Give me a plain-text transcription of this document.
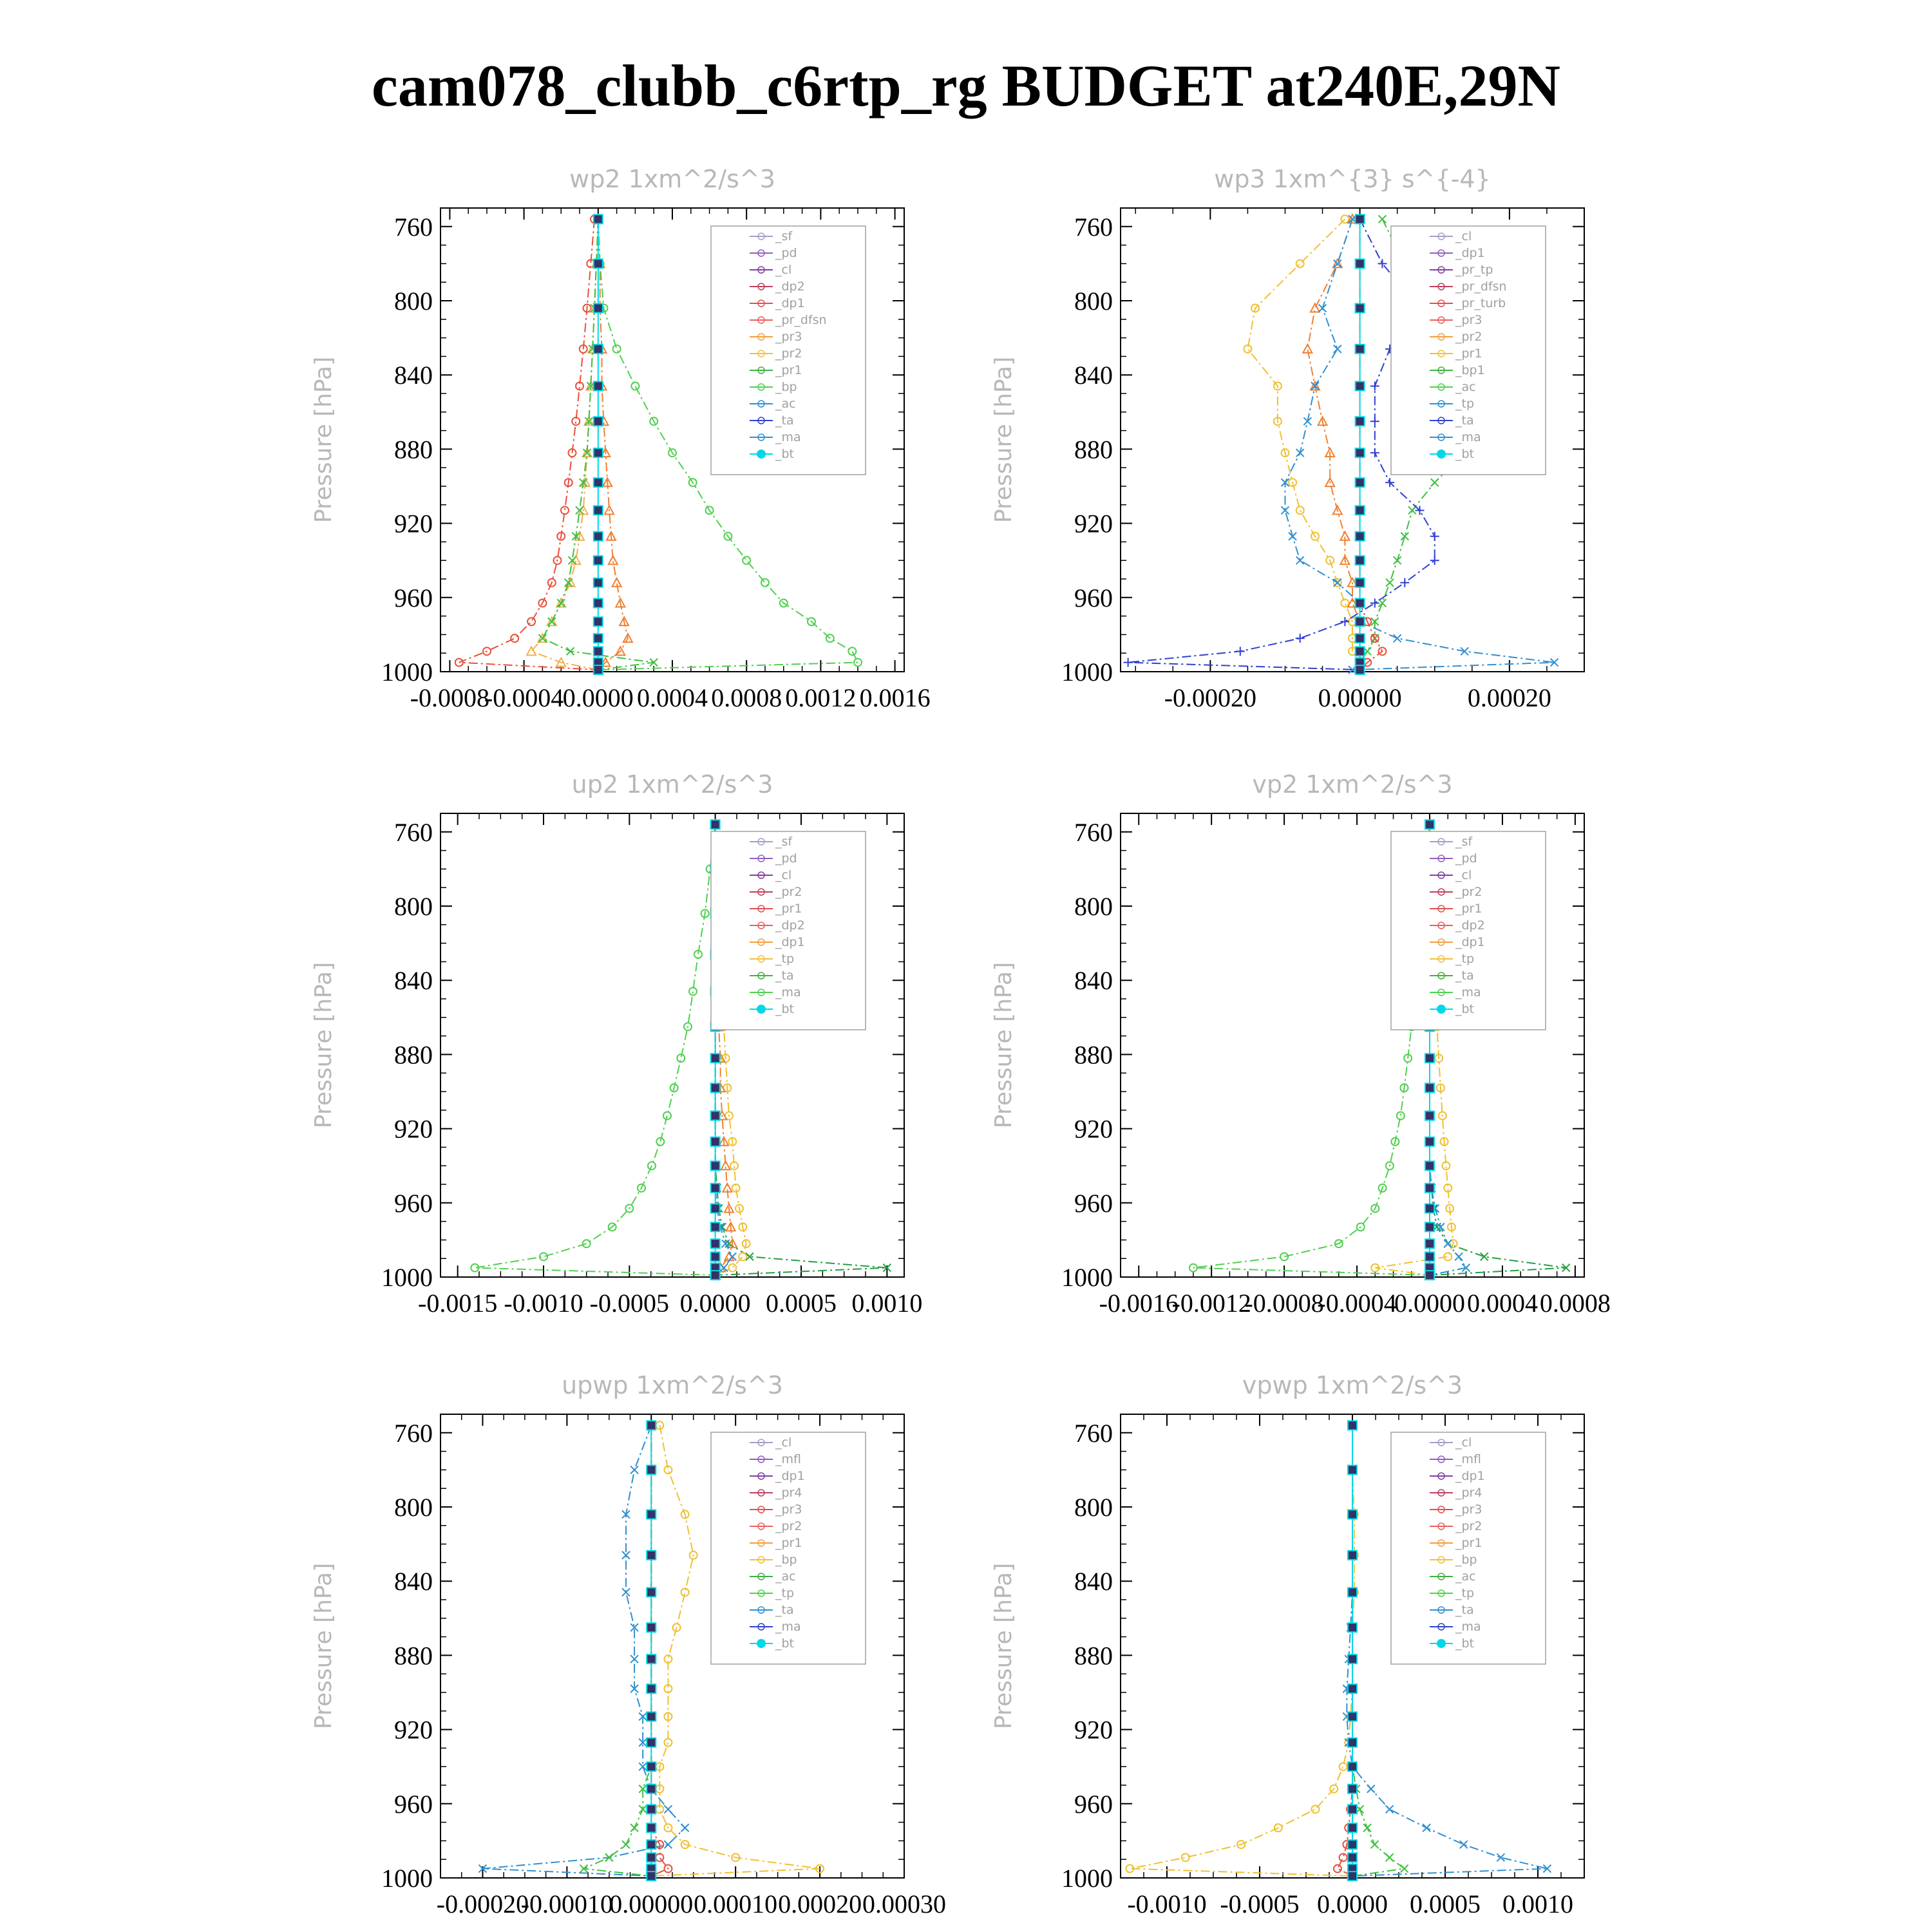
cam078_clubb_c6rtp_rg BUDGET at240E,29N
wp2 1xm^2/s^3
Pressure [hPa]
760
800
840
880
920
960
1000
-0.0008
-0.0004
0.0000 0.0004 0.0008 0.0012 0.0016
_sf
_pd
_cl
_dp2
_dp1
_pr_dfsn
_pr3
_pr2
_pr1
_bp
_ac
_ta
_ma
_bt
wp3 1xm^{3} s^{-4}
Pressure [hPa]
760
800
840
880
920
960
1000
-0.00020 0.00000	0.00020
_cl
_dp1
_pr_tp
_pr_dfsn
_pr_turb
_pr3
_pr2
_pr1
_bp1
_ac
_tp
_ta
_ma
_bt
up2 1xm^2/s^3
Pressure [hPa]
760
800
840
880
920
960
1000
-0.0015 -0.0010 -0.0005 0.0000 0.0005 0.0010
_sf
_pd
_cl
_pr2
_pr1
_dp2
_dp1
_tp
_ta
_ma
_bt
vp2 1xm^2/s^3
Pressure [hPa]
760
800
840
880
920
960
1000
-0.0016
-0.0012
-0.0008
-0.0004
0.0000 0.0004 0.0008
_sf
_pd
_cl
_pr2
_pr1
_dp2
_dp1
_tp
_ta
_ma
_bt
upwp 1xm^2/s^3
Pressure [hPa]
760
800
840
880
920
960
1000
-0.00020
-0.00010
0.00000 0.00010 0.00020 0.00030
_cl
_mfl
_dp1
_pr4
_pr3
_pr2
_pr1
_bp
_ac
_tp
_ta
_ma
_bt
vpwp 1xm^2/s^3
Pressure [hPa]
760
800
840
880
920
960
1000
-0.0010 -0.0005 0.0000 0.0005 0.0010
_cl
_mfl
_dp1
_pr4
_pr3
_pr2
_pr1
_bp
_ac
_tp
_ta
_ma
_bt
